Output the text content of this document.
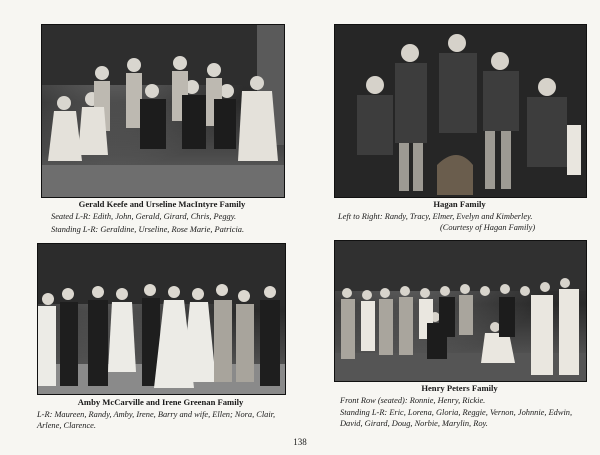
Gerald Keefe and Urseline MacIntyre Family
Seated L-R: Edith, John, Gerald, Girard, Chris, Peggy.
Standing L-R: Geraldine, Urseline, Rose Marie, Patricia.
Hagan Family
Left to Right: Randy, Tracy, Elmer, Evelyn and Kimberley.
(Courtesy of Hagan Family)
Amby McCarville and Irene Greenan Family
L-R: Maureen, Randy, Amby, Irene, Barry and wife, Ellen; Nora, Clair,
Arlene, Clarence.
Henry Peters Family
Front Row (seated): Ronnie, Henry, Rickie.
Standing L-R: Eric, Lorena, Gloria, Reggie, Vernon, Johnnie, Edwin,
David, Girard, Doug, Norbie, Marylin, Roy.
138
